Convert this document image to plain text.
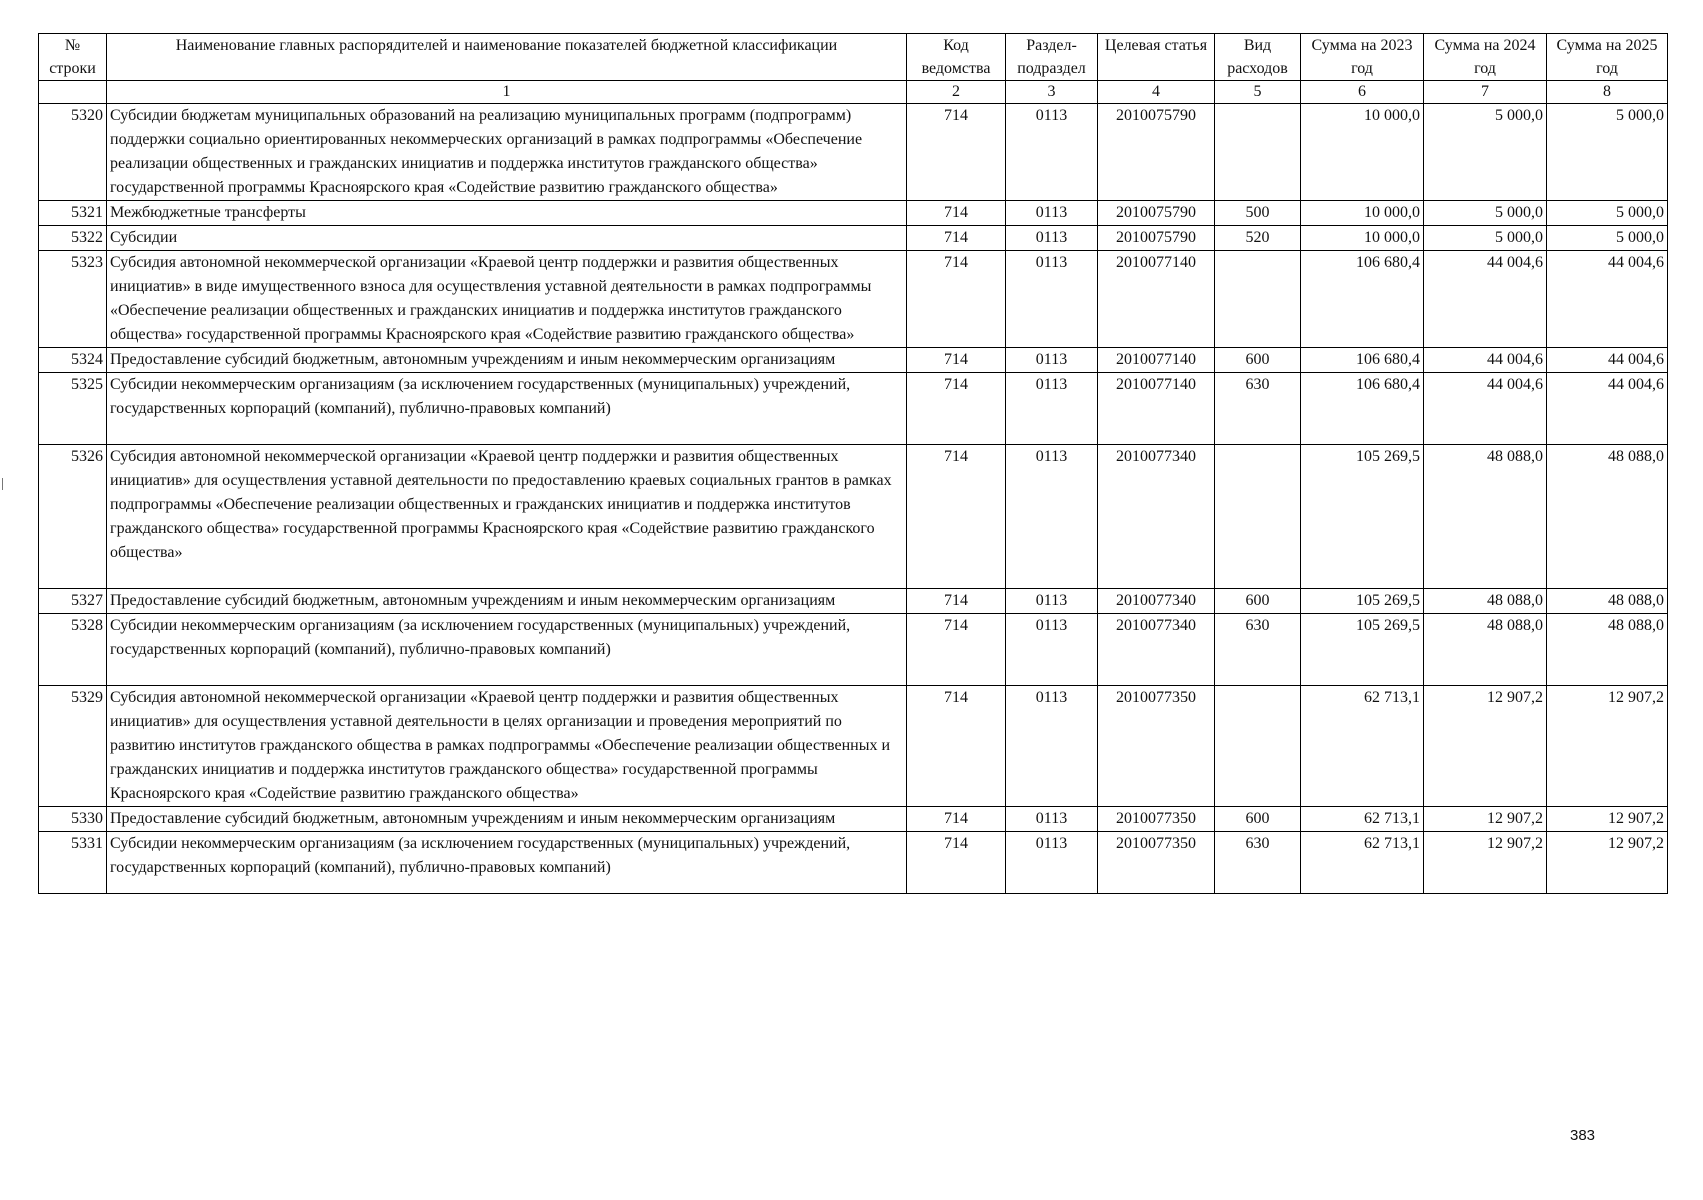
№ строки	Наименование главных распорядителей и наименование показателей бюджетной классификации	Код ведомства	Раздел-подраздел	Целевая статья	Вид расходов	Сумма на 2023 год	Сумма на 2024 год	Сумма на 2025 год
	1	2	3	4	5	6	7	8
5320	Субсидии бюджетам муниципальных образований на реализацию муниципальных программ (подпрограмм) поддержки социально ориентированных некоммерческих организаций в рамках подпрограммы «Обеспечение реализации общественных и гражданских инициатив и поддержка институтов гражданского общества» государственной программы Красноярского края «Содействие развитию гражданского общества»	714	0113	2010075790		10 000,0	5 000,0	5 000,0
5321	Межбюджетные трансферты	714	0113	2010075790	500	10 000,0	5 000,0	5 000,0
5322	Субсидии	714	0113	2010075790	520	10 000,0	5 000,0	5 000,0
5323	Субсидия автономной некоммерческой организации «Краевой центр поддержки и развития общественных инициатив» в виде имущественного взноса для осуществления уставной деятельности в рамках подпрограммы «Обеспечение реализации общественных и гражданских инициатив и поддержка институтов гражданского общества» государственной программы Красноярского края «Содействие развитию гражданского общества»	714	0113	2010077140		106 680,4	44 004,6	44 004,6
5324	Предоставление субсидий бюджетным, автономным учреждениям и иным некоммерческим организациям	714	0113	2010077140	600	106 680,4	44 004,6	44 004,6
5325	Субсидии некоммерческим организациям (за исключением государственных (муниципальных) учреждений, государственных корпораций (компаний), публично-правовых компаний)	714	0113	2010077140	630	106 680,4	44 004,6	44 004,6
5326	Субсидия автономной некоммерческой организации «Краевой центр поддержки и развития общественных инициатив» для осуществления уставной деятельности по предоставлению краевых социальных грантов в рамках подпрограммы «Обеспечение реализации общественных и гражданских инициатив и поддержка институтов гражданского общества» государственной программы Красноярского края «Содействие развитию гражданского общества»	714	0113	2010077340		105 269,5	48 088,0	48 088,0
5327	Предоставление субсидий бюджетным, автономным учреждениям и иным некоммерческим организациям	714	0113	2010077340	600	105 269,5	48 088,0	48 088,0
5328	Субсидии некоммерческим организациям (за исключением государственных (муниципальных) учреждений, государственных корпораций (компаний), публично-правовых компаний)	714	0113	2010077340	630	105 269,5	48 088,0	48 088,0
5329	Субсидия автономной некоммерческой организации «Краевой центр поддержки и развития общественных инициатив» для осуществления уставной деятельности в целях организации и проведения мероприятий по развитию институтов гражданского общества в рамках подпрограммы «Обеспечение реализации общественных и гражданских инициатив и поддержка институтов гражданского общества» государственной программы Красноярского края «Содействие развитию гражданского общества»	714	0113	2010077350		62 713,1	12 907,2	12 907,2
5330	Предоставление субсидий бюджетным, автономным учреждениям и иным некоммерческим организациям	714	0113	2010077350	600	62 713,1	12 907,2	12 907,2
5331	Субсидии некоммерческим организациям (за исключением государственных (муниципальных) учреждений, государственных корпораций (компаний), публично-правовых компаний)	714	0113	2010077350	630	62 713,1	12 907,2	12 907,2
383
